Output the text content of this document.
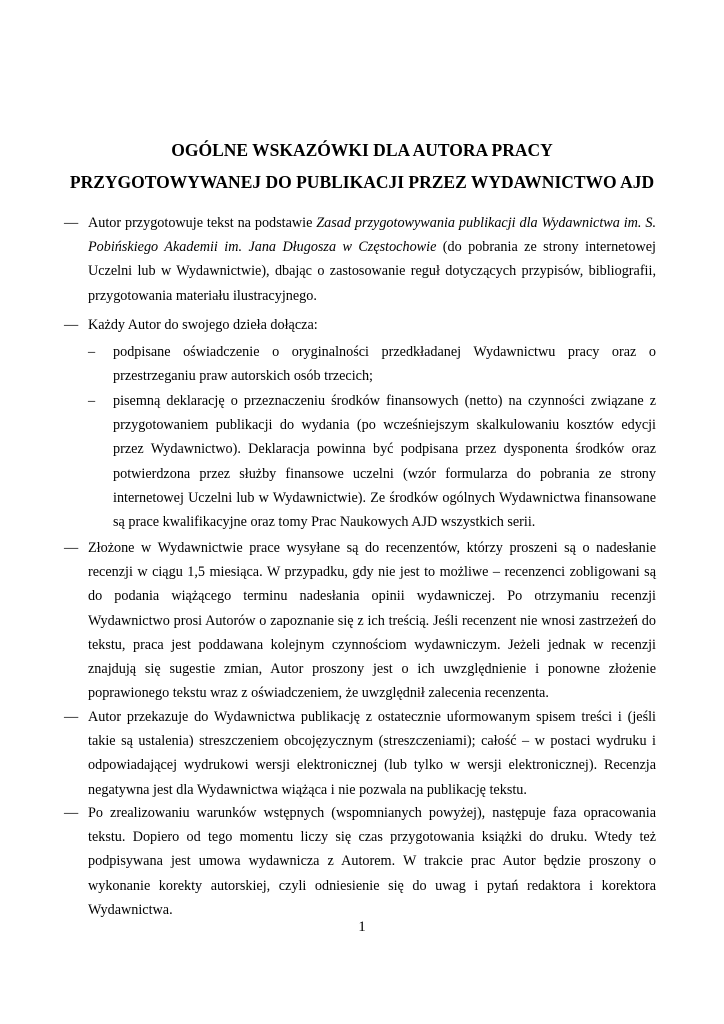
OGÓLNE WSKAZÓWKI DLA AUTORA PRACY
PRZYGOTOWYWANEJ DO PUBLIKACJI PRZEZ WYDAWNICTWO AJD
— Autor przygotowuje tekst na podstawie Zasad przygotowywania publikacji dla Wydawnictwa im. S. Pobińskiego Akademii im. Jana Długosza w Częstochowie (do pobrania ze strony internetowej Uczelni lub w Wydawnictwie), dbając o zastosowanie reguł dotyczących przypisów, bibliografii, przygotowania materiału ilustracyjnego.
— Każdy Autor do swojego dzieła dołącza:
– podpisane oświadczenie o oryginalności przedkładanej Wydawnictwu pracy oraz o przestrzeganiu praw autorskich osób trzecich;
– pisemną deklarację o przeznaczeniu środków finansowych (netto) na czynności związane z przygotowaniem publikacji do wydania (po wcześniejszym skalkulowaniu kosztów edycji przez Wydawnictwo). Deklaracja powinna być podpisana przez dysponenta środków oraz potwierdzona przez służby finansowe uczelni (wzór formularza do pobrania ze strony internetowej Uczelni lub w Wydawnictwie). Ze środków ogólnych Wydawnictwa finansowane są prace kwalifikacyjne oraz tomy Prac Naukowych AJD wszystkich serii.
— Złożone w Wydawnictwie prace wysyłane są do recenzentów, którzy proszeni są o nadesłanie recenzji w ciągu 1,5 miesiąca. W przypadku, gdy nie jest to możliwe – recenzenci zobligowani są do podania wiążącego terminu nadesłania opinii wydawniczej. Po otrzymaniu recenzji Wydawnictwo prosi Autorów o zapoznanie się z ich treścią. Jeśli recenzent nie wnosi zastrzeżeń do tekstu, praca jest poddawana kolejnym czynnościom wydawniczym. Jeżeli jednak w recenzji znajdują się sugestie zmian, Autor proszony jest o ich uwzględnienie i ponowne złożenie poprawionego tekstu wraz z oświadczeniem, że uwzględnił zalecenia recenzenta.
— Autor przekazuje do Wydawnictwa publikację z ostatecznie uformowanym spisem treści i (jeśli takie są ustalenia) streszczeniem obcojęzycznym (streszczeniami); całość – w postaci wydruku i odpowiadającej wydrukowi wersji elektronicznej (lub tylko w wersji elektronicznej). Recenzja negatywna jest dla Wydawnictwa wiążąca i nie pozwala na publikację tekstu.
— Po zrealizowaniu warunków wstępnych (wspomnianych powyżej), następuje faza opracowania tekstu. Dopiero od tego momentu liczy się czas przygotowania książki do druku. Wtedy też podpisywana jest umowa wydawnicza z Autorem. W trakcie prac Autor będzie proszony o wykonanie korekty autorskiej, czyli odniesienie się do uwag i pytań redaktora i korektora Wydawnictwa.
1
